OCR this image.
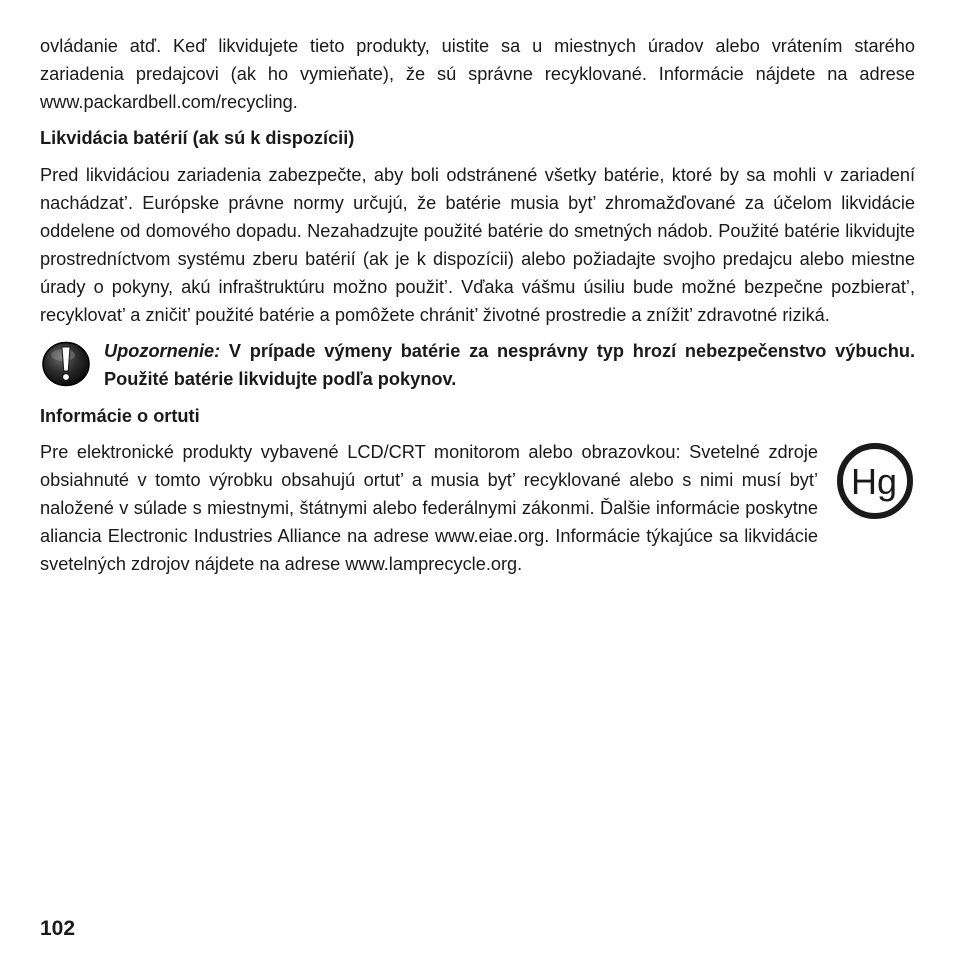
ovládanie atď. Keď likvidujete tieto produkty, uistite sa u miestnych úradov alebo vrátením starého zariadenia predajcovi (ak ho vymieňate), že sú správne recyklované. Informácie nájdete na adrese www.packardbell.com/recycling.

Likvidácia batérií (ak sú k dispozícii)

Pred likvidáciou zariadenia zabezpečte, aby boli odstránené všetky batérie, ktoré by sa mohli v zariadení nachádzat’. Európske právne normy určujú, že batérie musia byt’ zhromažďované za účelom likvidácie oddelene od domového dopadu. Nezahadzujte použité batérie do smetných nádob. Použité batérie likvidujte prostredníctvom systému zberu batérií (ak je k dispozícii) alebo požiadajte svojho predajcu alebo miestne úrady o pokyny, akú infraštruktúru možno použit’. Vďaka vášmu úsiliu bude možné bezpečne pozbierat’, recyklovat’ a zničit’ použité batérie a pomôžete chránit’ životné prostredie a znížit’ zdravotné riziká.

Upozornenie: V prípade výmeny batérie za nesprávny typ hrozí nebezpečenstvo výbuchu. Použité batérie likvidujte podľa pokynov.

Informácie o ortuti

Pre elektronické produkty vybavené LCD/CRT monitorom alebo obrazovkou: Svetelné zdroje obsiahnuté v tomto výrobku obsahujú ortut’ a musia byt’ recyklované alebo s nimi musí byt’ naložené v súlade s miestnymi, štátnymi alebo federálnymi zákonmi. Ďalšie informácie poskytne aliancia Electronic Industries Alliance na adrese www.eiae.org. Informácie týkajúce sa likvidácie svetelných zdrojov nájdete na adrese www.lamprecycle.org.

Hg
102
